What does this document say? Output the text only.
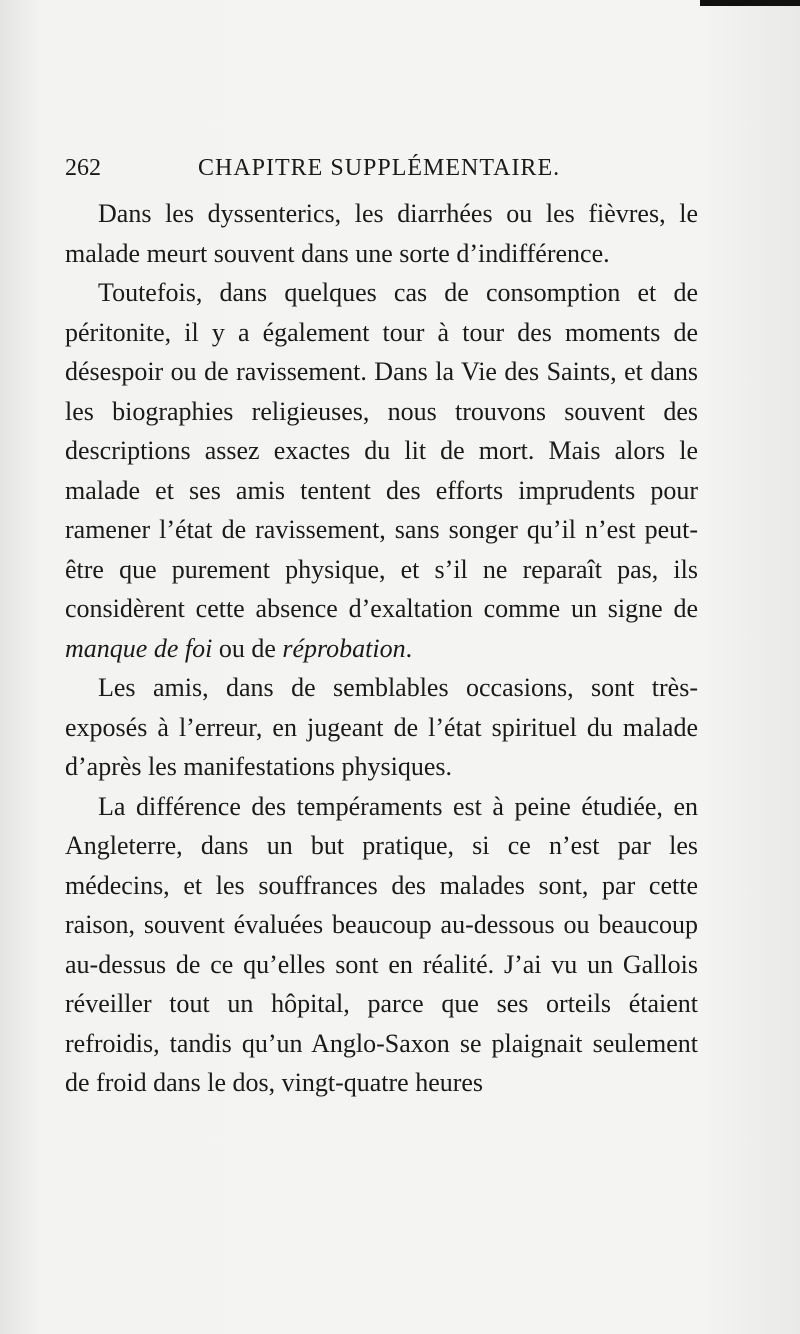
262	CHAPITRE SUPPLÉMENTAIRE.

Dans les dyssenterics, les diarrhées ou les fièvres, le malade meurt souvent dans une sorte d’indifférence.

Toutefois, dans quelques cas de consomption et de péritonite, il y a également tour à tour des moments de désespoir ou de ravissement. Dans la Vie des Saints, et dans les biographies religieuses, nous trouvons souvent des descriptions assez exactes du lit de mort. Mais alors le malade et ses amis tentent des efforts imprudents pour ramener l’état de ravissement, sans songer qu’il n’est peut-être que purement physique, et s’il ne reparaît pas, ils considèrent cette absence d’exaltation comme un signe de manque de foi ou de réprobation.

Les amis, dans de semblables occasions, sont très-exposés à l’erreur, en jugeant de l’état spirituel du malade d’après les manifestations physiques.

La différence des tempéraments est à peine étudiée, en Angleterre, dans un but pratique, si ce n’est par les médecins, et les souffrances des malades sont, par cette raison, souvent évaluées beaucoup au-dessous ou beaucoup au-dessus de ce qu’elles sont en réalité. J’ai vu un Gallois réveiller tout un hôpital, parce que ses orteils étaient refroidis, tandis qu’un Anglo-Saxon se plaignait seulement de froid dans le dos, vingt-quatre heures
